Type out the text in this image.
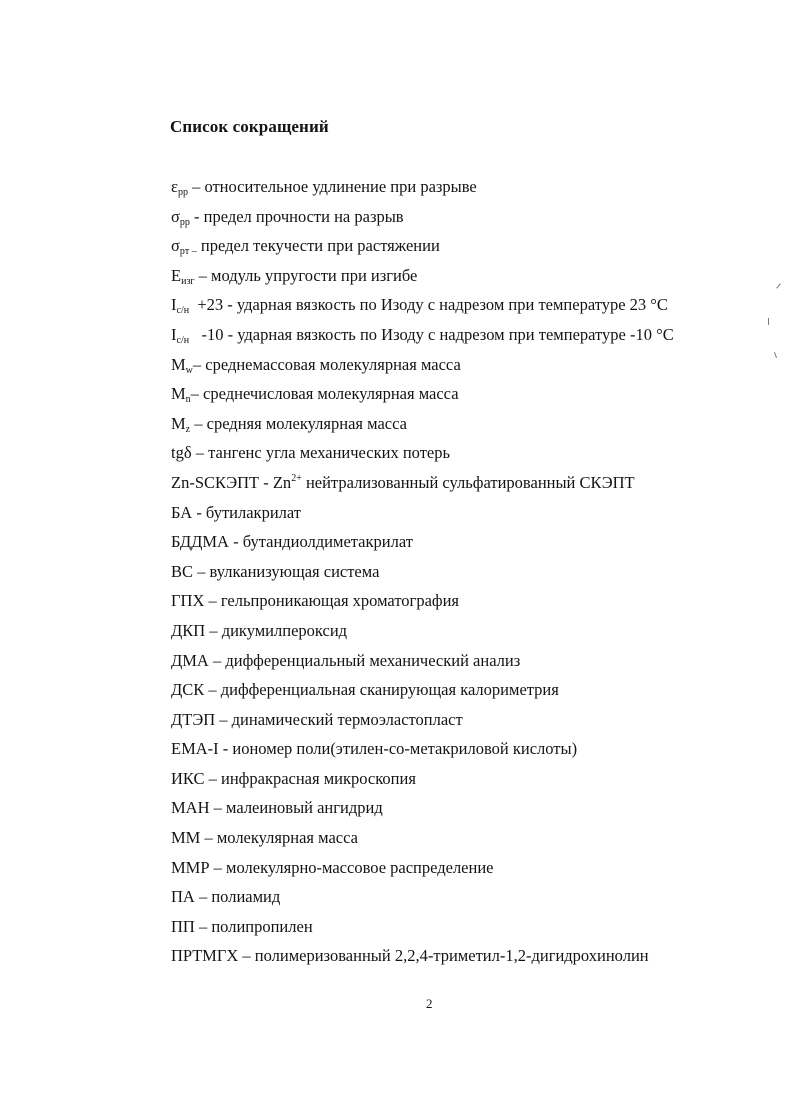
Список сокращений
$\varepsilon_{pp}$ – относительное удлинение при разрыве
$\sigma_{pp}$ - предел прочности на разрыв
$\sigma_{pт -}$ предел текучести при растяжении
$E_{изг}$ – модуль упругости при изгибе
$I_{c/н} +23$ - ударная вязкость по Изоду с надрезом при температуре 23 °C
$I_{c/н}$   -10 - ударная вязкость по Изоду с надрезом при температуре -10 °C
$M_w-$ среднемассовая молекулярная масса
$M_n-$ среднечисловая молекулярная масса
$M_z$ – средняя молекулярная масса
tgδ – тангенс угла механических потерь
Zn-SСКЭПТ - $Zn^{2+}$ нейтрализованный сульфатированный СКЭПТ
БА - бутилакрилат
БДДМА - бутандиолдиметакрилат
ВС – вулканизующая система
ГПХ – гельпроникающая хроматография
ДКП – дикумилпероксид
ДМА – дифференциальный механический анализ
ДСК – дифференциальная сканирующая калориметрия
ДТЭП – динамический термоэластопласт
ЕМА-I - иономер поли(этилен-со-метакриловой кислоты)
ИКС – инфракрасная микроскопия
МАН – малеиновый ангидрид
ММ – молекулярная масса
ММР – молекулярно-массовое распределение
ПА – полиамид
ПП – полипропилен
ПРТМГХ – полимеризованный 2,2,4-триметил-1,2-дигидрохинолин
2
